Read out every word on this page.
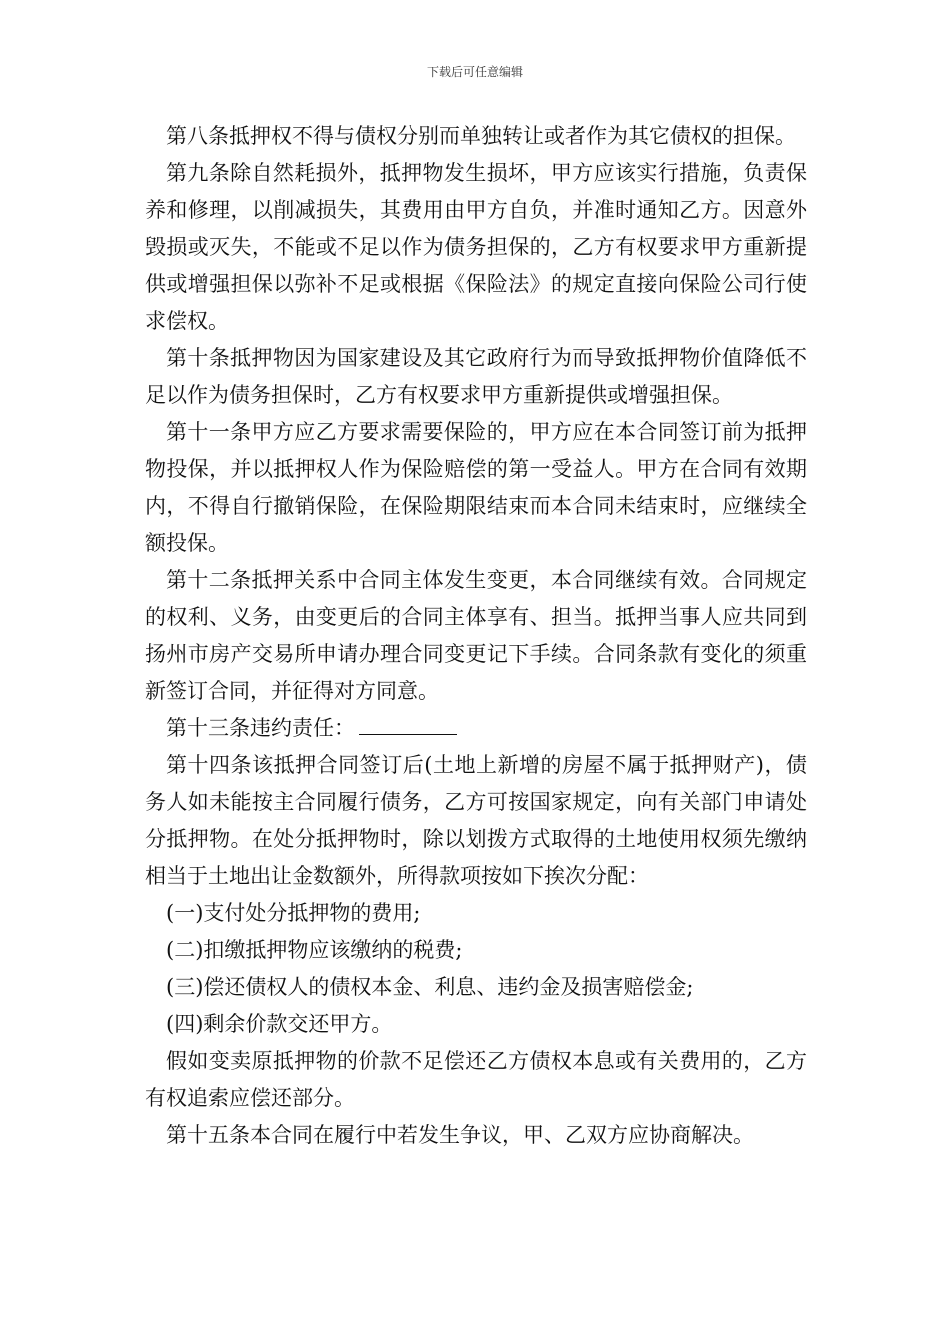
下载后可任意编辑

第八条抵押权不得与债权分别而单独转让或者作为其它债权的担保。

第九条除自然耗损外，抵押物发生损坏，甲方应该实行措施，负责保养和修理，以削减损失，其费用由甲方自负，并准时通知乙方。因意外毁损或灭失，不能或不足以作为债务担保的，乙方有权要求甲方重新提供或增强担保以弥补不足或根据《保险法》的规定直接向保险公司行使求偿权。

第十条抵押物因为国家建设及其它政府行为而导致抵押物价值降低不足以作为债务担保时，乙方有权要求甲方重新提供或增强担保。

第十一条甲方应乙方要求需要保险的，甲方应在本合同签订前为抵押物投保，并以抵押权人作为保险赔偿的第一受益人。甲方在合同有效期内，不得自行撤销保险，在保险期限结束而本合同未结束时，应继续全额投保。

第十二条抵押关系中合同主体发生变更，本合同继续有效。合同规定的权利、义务，由变更后的合同主体享有、担当。抵押当事人应共同到扬州市房产交易所申请办理合同变更记下手续。合同条款有变化的须重新签订合同，并征得对方同意。

第十三条违约责任：

第十四条该抵押合同签订后(土地上新增的房屋不属于抵押财产)，债务人如未能按主合同履行债务，乙方可按国家规定，向有关部门申请处分抵押物。在处分抵押物时，除以划拨方式取得的土地使用权须先缴纳相当于土地出让金数额外，所得款项按如下挨次分配：

(一)支付处分抵押物的费用;

(二)扣缴抵押物应该缴纳的税费;

(三)偿还债权人的债权本金、利息、违约金及损害赔偿金;

(四)剩余价款交还甲方。

假如变卖原抵押物的价款不足偿还乙方债权本息或有关费用的，乙方有权追索应偿还部分。

第十五条本合同在履行中若发生争议，甲、乙双方应协商解决。
